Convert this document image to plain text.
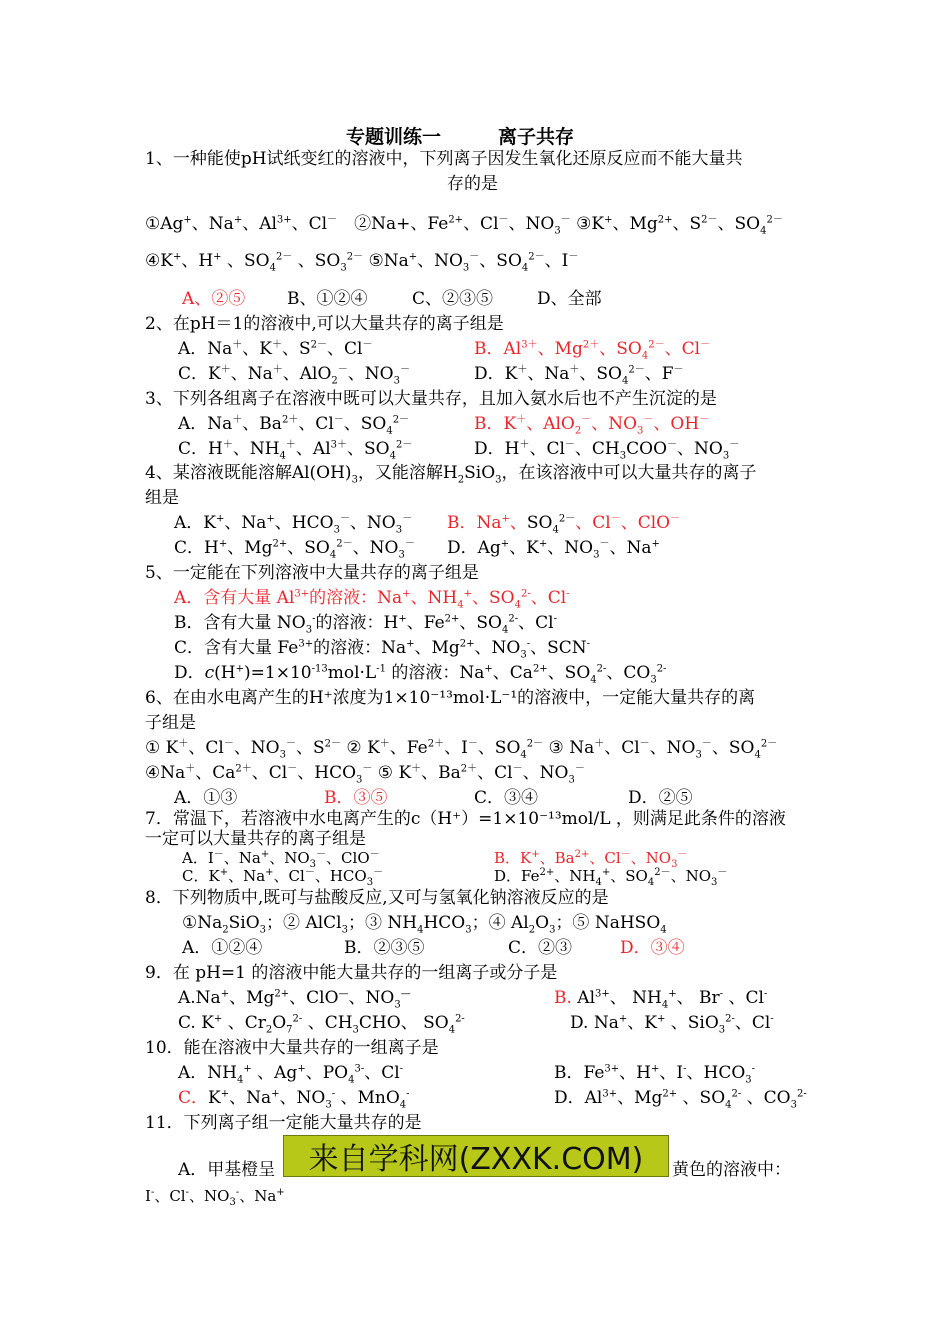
专题训练一　　　离子共存
1、一种能使pH试纸变红的溶液中，下列离子因发生氧化还原反应而不能大量共
存的是
①Ag+、Na+、$Al^{3+}$、Cl－　②Na+、$Fe^{2+}$、Cl－、$NO_3^-$ ③K+、$Mg^{2+}$、$S^{2-}$、$SO_4^{2-}$
④K+、H+ 、$SO_4^{2-}$ 、$SO_3^{2-}$ ⑤Na+、$NO_3^-$、$SO_4^{2-}$、I－
A、②⑤ B、①②④	C、②③⑤	D、全部
2、在pH＝1的溶液中,可以大量共存的离子组是
A．Na＋、K＋、$S^{2-}$、Cl－	B．$Al^{3+}$、$Mg^{2+}$、$SO_4^{2-}$、Cl－
C．K＋、Na＋、AlO$_2$－、$NO_3^-$	D．K＋、Na＋、$SO_4^{2-}$、F－
3、下列各组离子在溶液中既可以大量共存，且加入氨水后也不产生沉淀的是
A．Na＋、$Ba^{2+}$、Cl－、$SO_4^{2-}$	B．K＋、AlO$_2$－、$NO_3^-$、OH－
C．H＋、$NH_4^+$、$Al^{3+}$、$SO_4^{2-}$	D．H＋、Cl－、$CH_3COO^-$、$NO_3^-$
4、某溶液既能溶解$Al(OH)_3$，又能溶解$H_2SiO_3$，在该溶液中可以大量共存的离子
组是
A．K+、Na+、$HCO_3^-$、$NO_3^-$ B．Na+、$SO_4^{2-}$、Cl－、ClO－
C．H+、$Mg^{2+}$、$SO_4^{2-}$、$NO_3^-$ D．Ag+、K+、$NO_3^-$、Na+
5、一定能在下列溶液中大量共存的离子组是
A．含有大量 $Al^{3+}$的溶液：Na+、$NH_4^+$、$SO_4^{2-}$、Cl-
B．含有大量 $NO_3^-$的溶液：H+、$Fe^{2+}$、$SO_4^{2-}$、Cl-
C．含有大量 $Fe^{3+}$的溶液：Na+、$Mg^{2+}$、$NO_3^-$、SCN-
D．$c(H^+)=1\times 10^{-13}mol\cdot L^{-1}$ 的溶液：Na+、$Ca^{2+}$、$SO_4^{2-}$、$CO_3^{2-}$
6、在由水电离产生的H⁺浓度为1×10⁻¹³mol·L⁻¹的溶液中，一定能大量共存的离
子组是
① K＋、Cl－、$NO_3^-$、$S^{2-}$ ② K＋、$Fe^{2+}$、I－、$SO_4^{2-}$ ③ Na＋、Cl－、$NO_3^-$、$SO_4^{2-}$
④Na＋、$Ca^{2+}$、Cl－、$HCO_3^-$ ⑤ K＋、$Ba^{2+}$、Cl－、$NO_3^-$
A．①③	B．③⑤	C．③④	D．②⑤
7．常温下，若溶液中水电离产生的c（H⁺）=1×10⁻¹³mol/L ，则满足此条件的溶液
一定可以大量共存的离子组是
A．I－、Na+、$NO_3^-$、ClO－	B．K+、$Ba^{2+}$、Cl－、$NO_3^-$
C．K+、Na+、Cl－、$HCO_3^-$	D．$Fe^{2+}$、$NH_4^+$、$SO_4^{2-}$、$NO_3^-$
8．下列物质中,既可与盐酸反应,又可与氢氧化钠溶液反应的是
$①Na_2SiO_3$；② AlCl$_3$；③ $NH_4HCO_3$；④ $Al_2O_3$；⑤ NaHSO$_4$
A．①②④	B．②③⑤	C．②③	D．③④
9．在 pH=1 的溶液中能大量共存的一组离子或分子是
A.Na+、$Mg^{2+}$、ClO—、$NO_3^—$	B. $Al^{3+}$、 $NH_4^+$、 Br- 、Cl-
C. K+ 、$Cr_2O_7^{2-}$ 、$CH_3CHO$、 $SO_4^{2-}$	D. Na+、K+ 、SiO$_3^{2-}$、Cl-
10．能在溶液中大量共存的一组离子是
A．$NH_4^+$ 、Ag+、$PO_4^{3-}$、Cl-	B．$Fe^{3+}$、H+、I-、$HCO_3^-$
C．K+、Na+、$NO_3^-$ 、MnO$_4$-	D．$Al^{3+}$、$Mg^{2+}$ 、$SO_4^{2-}$ 、$CO_3^{2-}$
11．下列离子组一定能大量共存的是
A．甲基橙呈	来自学科网(ZXXK.COM)	黄色的溶液中：
I-、Cl-、$NO_3^-$、Na+
